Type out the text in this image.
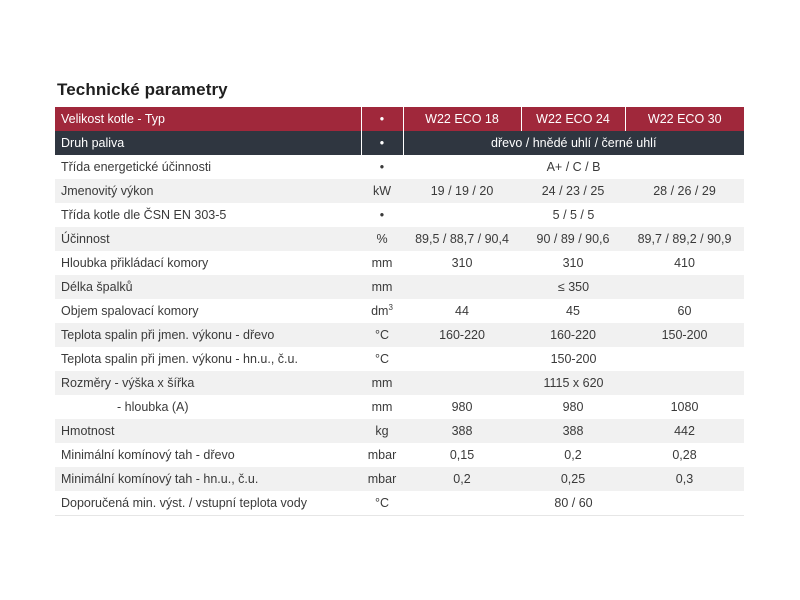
Technické parametry
Velikost kotle - Typ	•	W22 ECO 18	W22 ECO 24	W22 ECO 30
Druh paliva	•	dřevo / hnědé uhlí / černé uhlí		
Třída energetické účinnosti	•	A+ / C / B		
Jmenovitý výkon	kW	19 / 19 / 20	24 / 23 / 25	28 / 26 / 29
Třída kotle dle ČSN EN 303-5	•	5 / 5 / 5		
Účinnost	%	89,5 / 88,7 / 90,4	90 / 89 / 90,6	89,7 / 89,2 / 90,9
Hloubka přikládací komory	mm	310	310	410
Délka špalků	mm	≤ 350		
Objem spalovací komory	$dm^3$	44	45	60
Teplota spalin při jmen. výkonu - dřevo	°C	160-220	160-220	150-200
Teplota spalin při jmen. výkonu - hn.u., č.u.	°C	150-200		
Rozměry - výška x šířka	mm	1115 x 620		
- hloubka (A)	mm	980	980	1080
Hmotnost	kg	388	388	442
Minimální komínový tah - dřevo	mbar	0,15	0,2	0,28
Minimální komínový tah - hn.u., č.u.	mbar	0,2	0,25	0,3
Doporučená min. výst. / vstupní teplota vody	°C	80 / 60		
